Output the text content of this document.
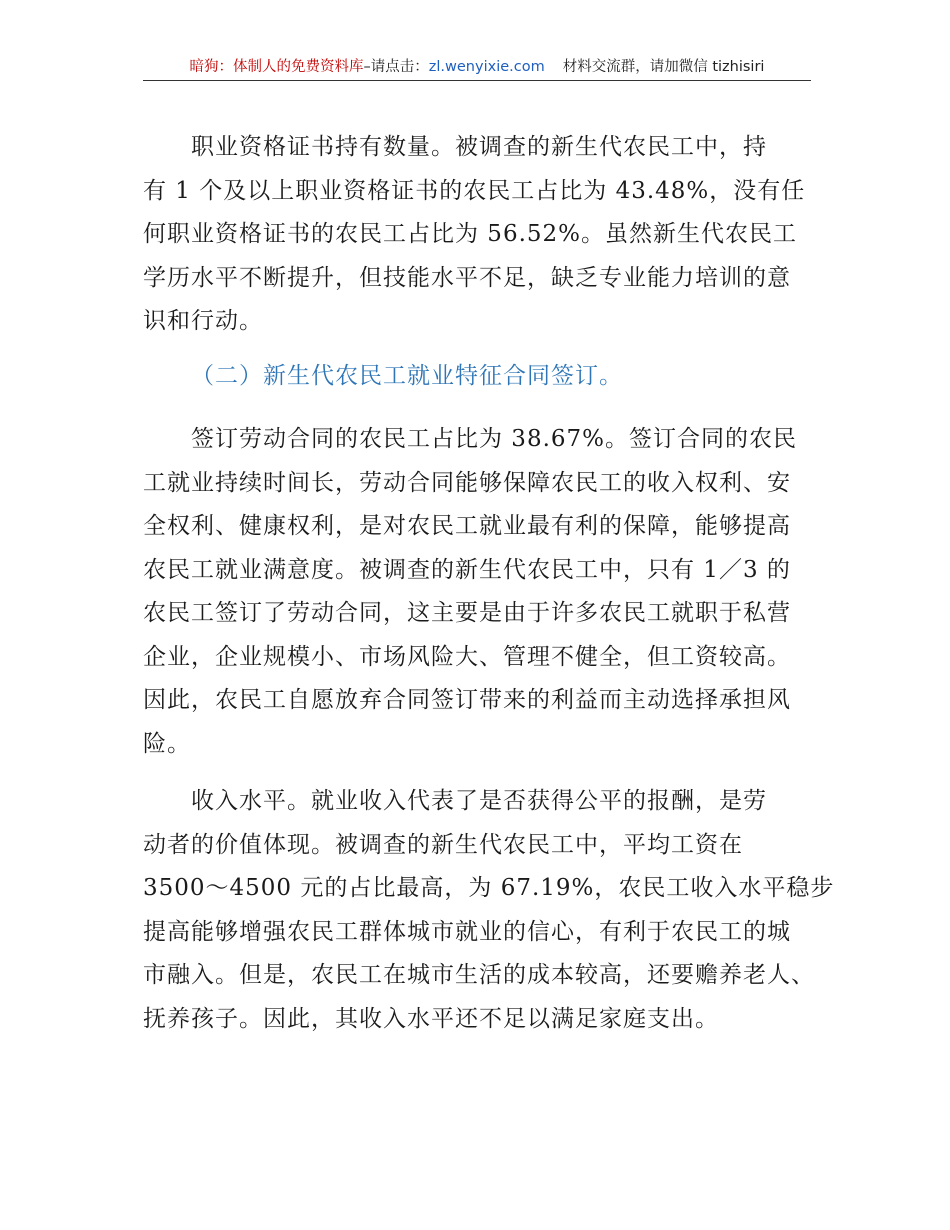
暗狗：体制人的免费资料库–请点击：zl.wenyixie.com 材料交流群，请加微信 tizhisiri
职业资格证书持有数量。被调查的新生代农民工中，持
有 1 个及以上职业资格证书的农民工占比为 43.48%，没有任
何职业资格证书的农民工占比为 56.52%。虽然新生代农民工
学历水平不断提升，但技能水平不足，缺乏专业能力培训的意
识和行动。
（二）新生代农民工就业特征合同签订。
签订劳动合同的农民工占比为 38.67%。签订合同的农民
工就业持续时间长，劳动合同能够保障农民工的收入权利、安
全权利、健康权利，是对农民工就业最有利的保障，能够提高
农民工就业满意度。被调查的新生代农民工中，只有 1／3 的
农民工签订了劳动合同，这主要是由于许多农民工就职于私营
企业，企业规模小、市场风险大、管理不健全，但工资较高。
因此，农民工自愿放弃合同签订带来的利益而主动选择承担风
险。
收入水平。就业收入代表了是否获得公平的报酬，是劳
动者的价值体现。被调查的新生代农民工中，平均工资在
3500～4500 元的占比最高，为 67.19%，农民工收入水平稳步
提高能够增强农民工群体城市就业的信心，有利于农民工的城
市融入。但是，农民工在城市生活的成本较高，还要赡养老人、
抚养孩子。因此，其收入水平还不足以满足家庭支出。
